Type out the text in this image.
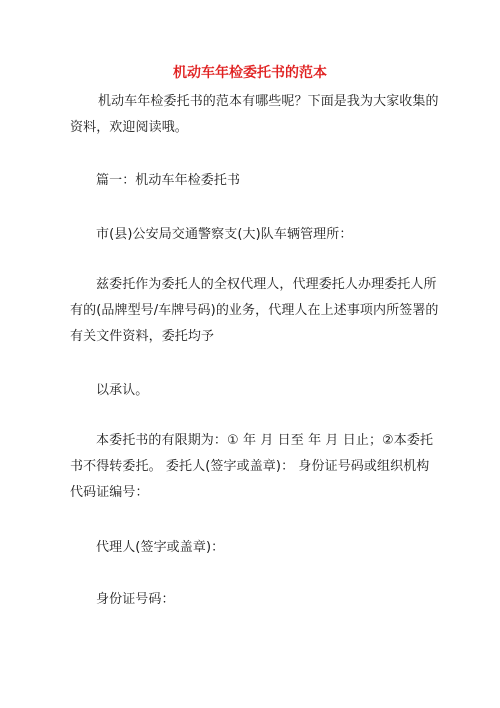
机动车年检委托书的范本

机动车年检委托书的范本有哪些呢？下面是我为大家收集的资料，欢迎阅读哦。

篇一：机动车年检委托书

市(县)公安局交通警察支(大)队车辆管理所：

兹委托作为委托人的全权代理人，代理委托人办理委托人所有的(品牌型号/车牌号码)的业务，代理人在上述事项内所签署的有关文件资料，委托均予

以承认。

本委托书的有限期为：① 年 月 日至 年 月 日止；②本委托书不得转委托。 委托人(签字或盖章)： 身份证号码或组织机构代码证编号：

代理人(签字或盖章)：

身份证号码：
